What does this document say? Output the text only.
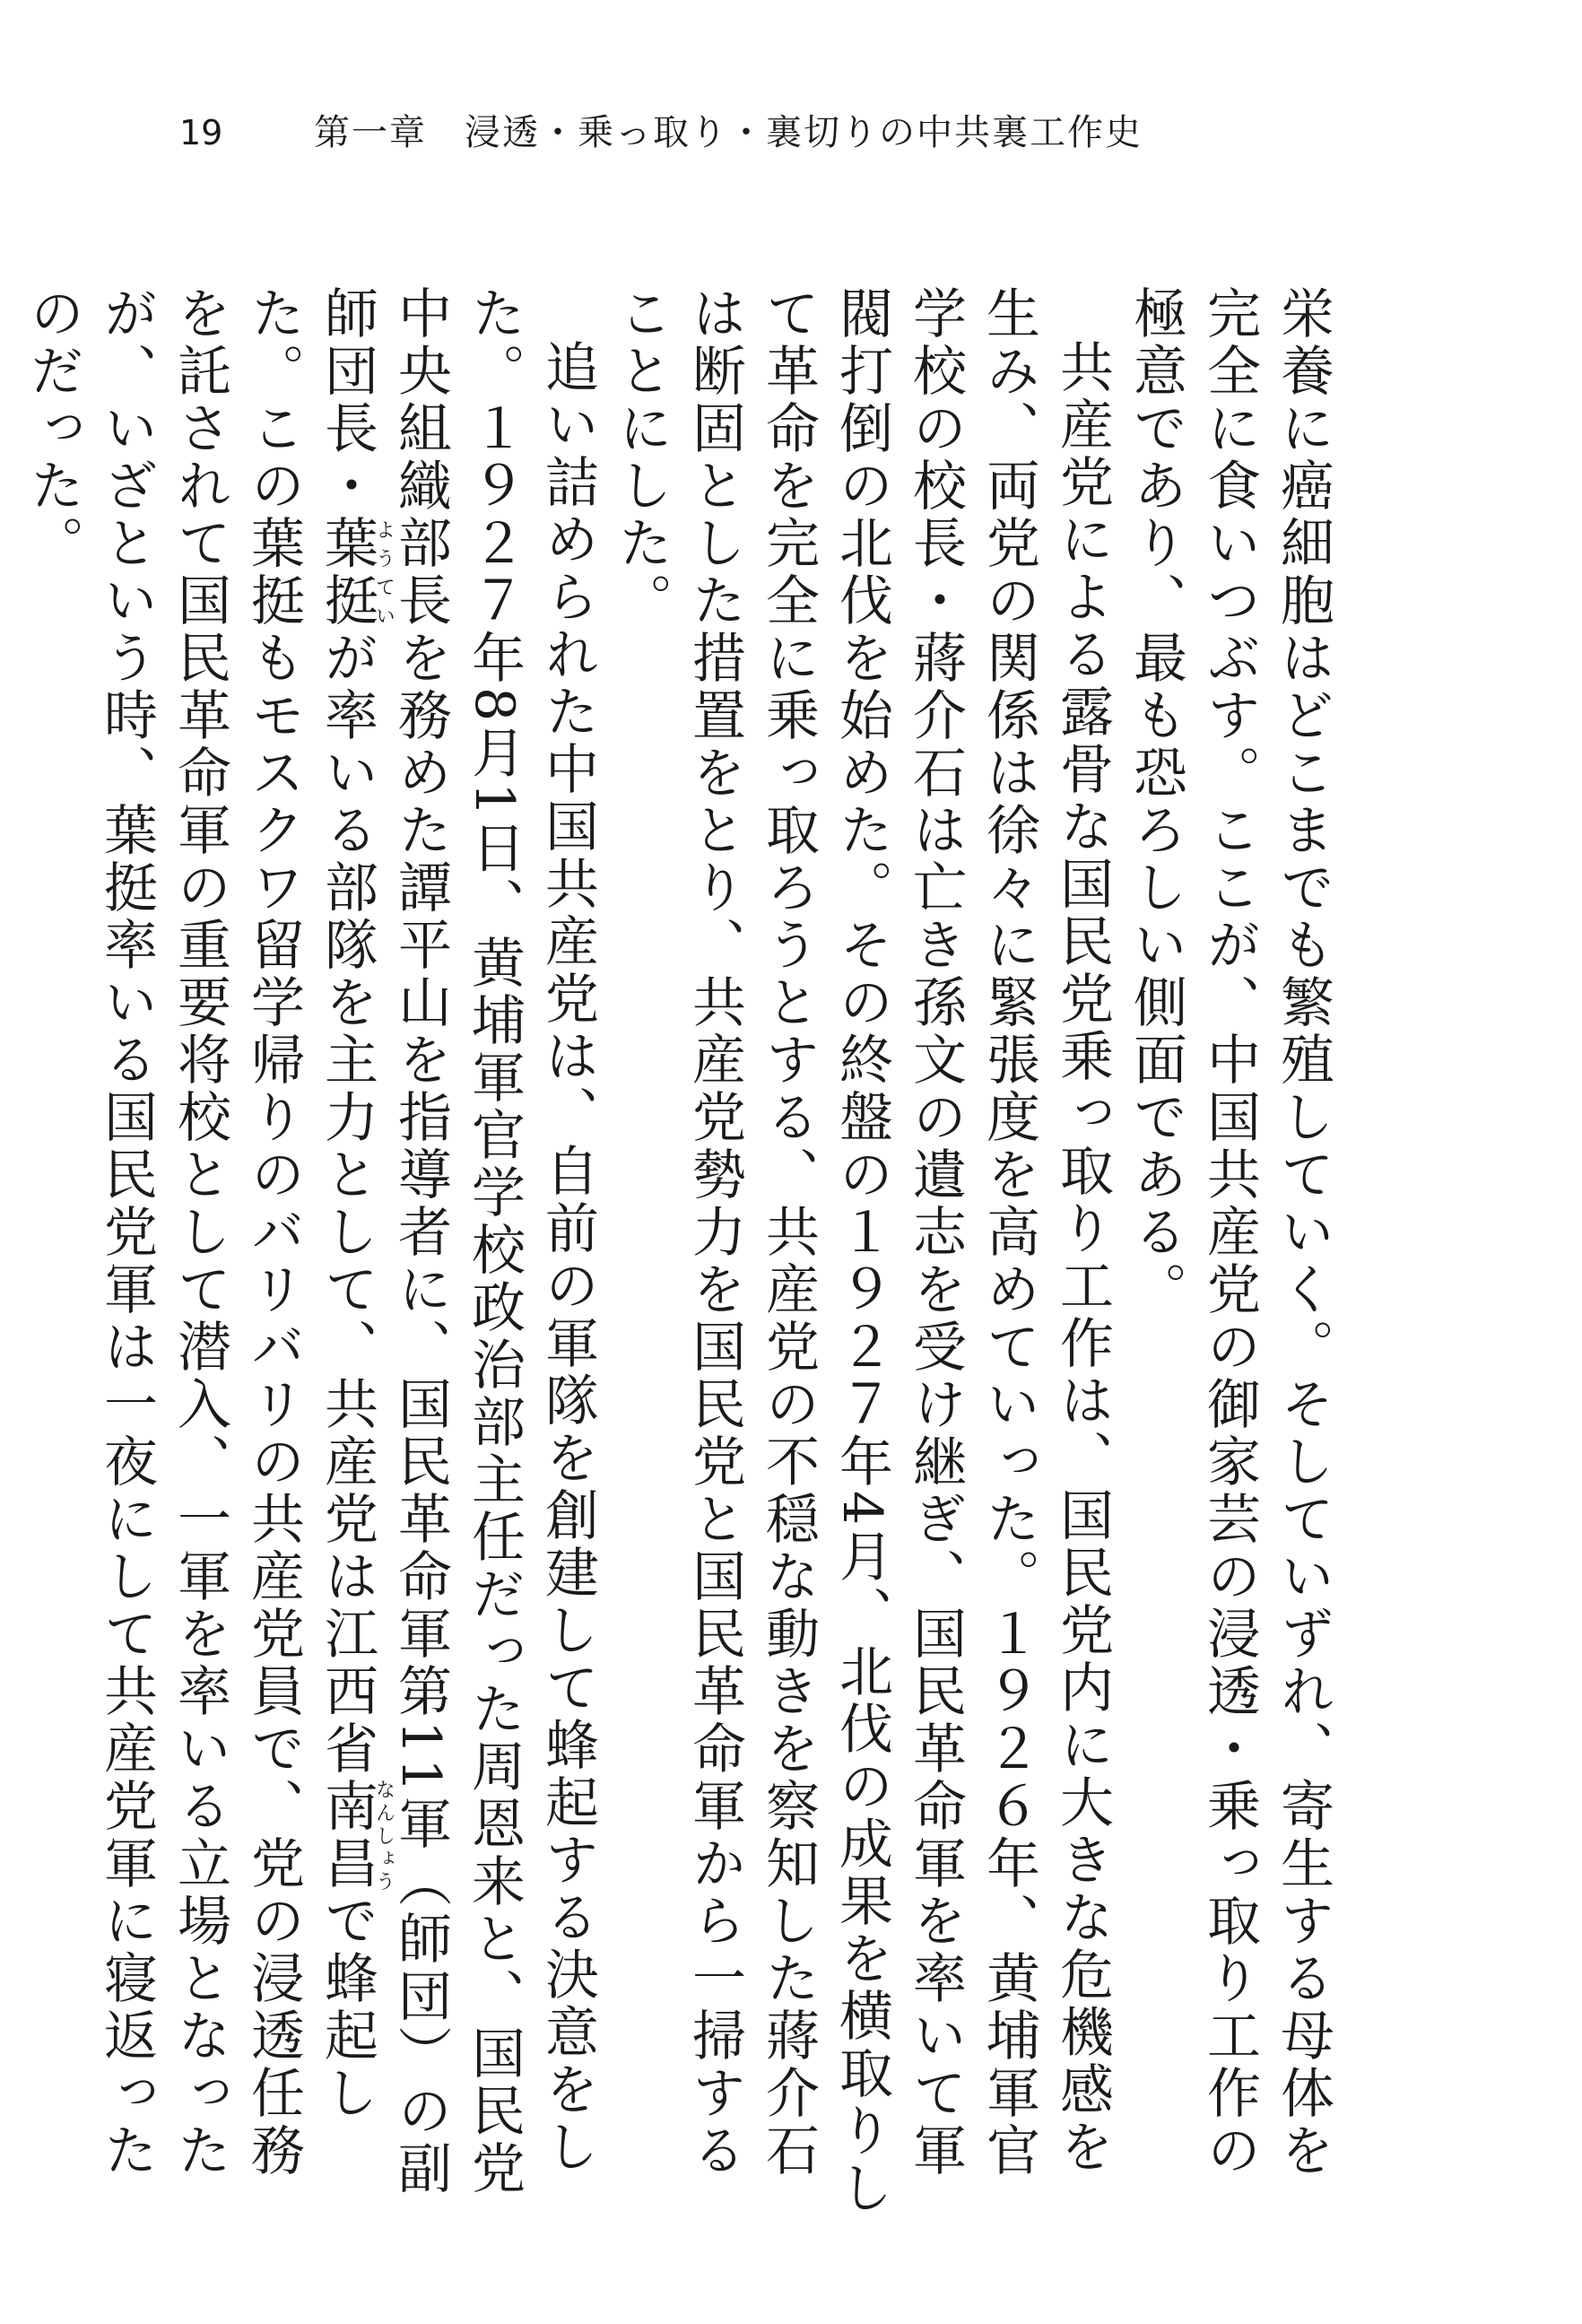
19	第一章　浸透・乗っ取り・裏切りの中共裏工作史

栄養に癌細胞はどこまでも繁殖していく。そしていずれ、寄生する母体を完全に食いつぶす。ここが、中国共産党の御家芸の浸透・乗っ取り工作の極意であり、最も恐ろしい側面である。

共産党による露骨な国民党乗っ取り工作は、国民党内に大きな危機感を生み、両党の関係は徐々に緊張度を高めていった。１９２６年、黄埔軍官学校の校長・蔣介石は亡き孫文の遺志を受け継ぎ、国民革命軍を率いて軍閥打倒の北伐を始めた。その終盤の１９２７年4月、北伐の成果を横取りして革命を完全に乗っ取ろうとする、共産党の不穏な動きを察知した蔣介石は断固とした措置をとり、共産党勢力を国民党と国民革命軍から一掃することにした。

追い詰められた中国共産党は、自前の軍隊を創建して蜂起する決意をした。１９２７年8月1日、黄埔軍官学校政治部主任だった周恩来と、国民党中央組織部長を務めた譚平山を指導者に、国民革命軍第11軍（師団）の副師団長・葉挺ようていが率いる部隊を主力として、共産党は江西省南昌なんしょうで蜂起した。この葉挺もモスクワ留学帰りのバリバリの共産党員で、党の浸透任務を託されて国民革命軍の重要将校として潜入、一軍を率いる立場となったが、いざという時、葉挺率いる国民党軍は一夜にして共産党軍に寝返ったのだった。
